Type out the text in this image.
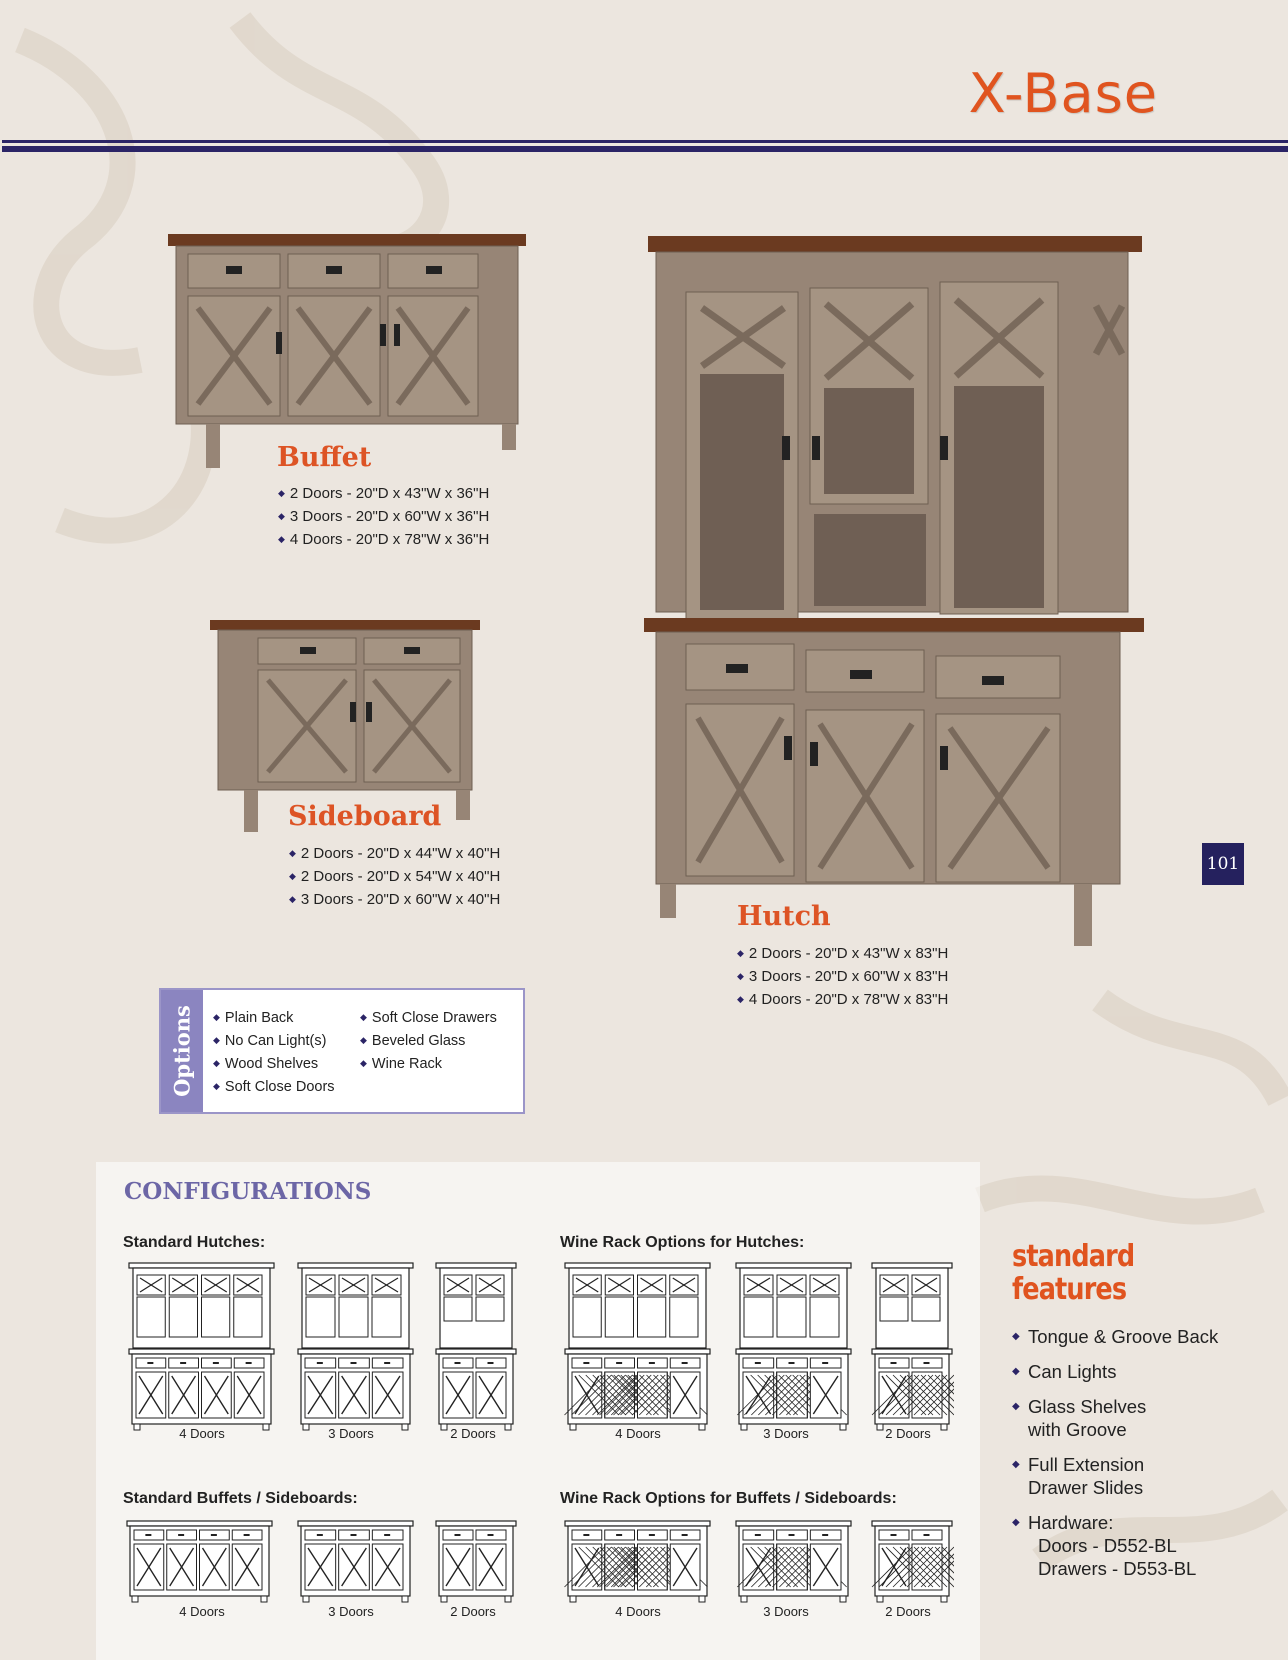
X-Base
101
Buffet
◆ 2 Doors - 20"D x 43"W x 36"H
◆ 3 Doors - 20"D x 60"W x 36"H
◆ 4 Doors - 20"D x 78"W x 36"H
Sideboard
◆ 2 Doors - 20"D x 44"W x 40"H
◆ 2 Doors - 20"D x 54"W x 40"H
◆ 3 Doors - 20"D x 60"W x 40"H
Hutch
◆ 2 Doors - 20"D x 43"W x 83"H
◆ 3 Doors - 20"D x 60"W x 83"H
◆ 4 Doors - 20"D x 78"W x 83"H
Options
◆	Plain Back
◆ No Can Light(s)
◆ Wood Shelves
◆ Soft Close Doors
◆ Soft Close Drawers
◆ Beveled Glass
◆ Wine Rack
CONFIGURATIONS
Standard Hutches:	Wine Rack Options for Hutches:
Standard Buffets / Sideboards:	Wine Rack Options for Buffets / Sideboards:
4 Doors	3 Doors	2 Doors	4 Doors	3 Doors	2 Doors
4 Doors	3 Doors	2 Doors	4 Doors	3 Doors	2 Doors
standard
features
◆ Tongue & Groove Back
◆ Can Lights
◆ Glass Shelves
with Groove
◆ Full Extension
Drawer Slides
◆ Hardware:
Doors - D552-BL
Drawers - D553-BL
